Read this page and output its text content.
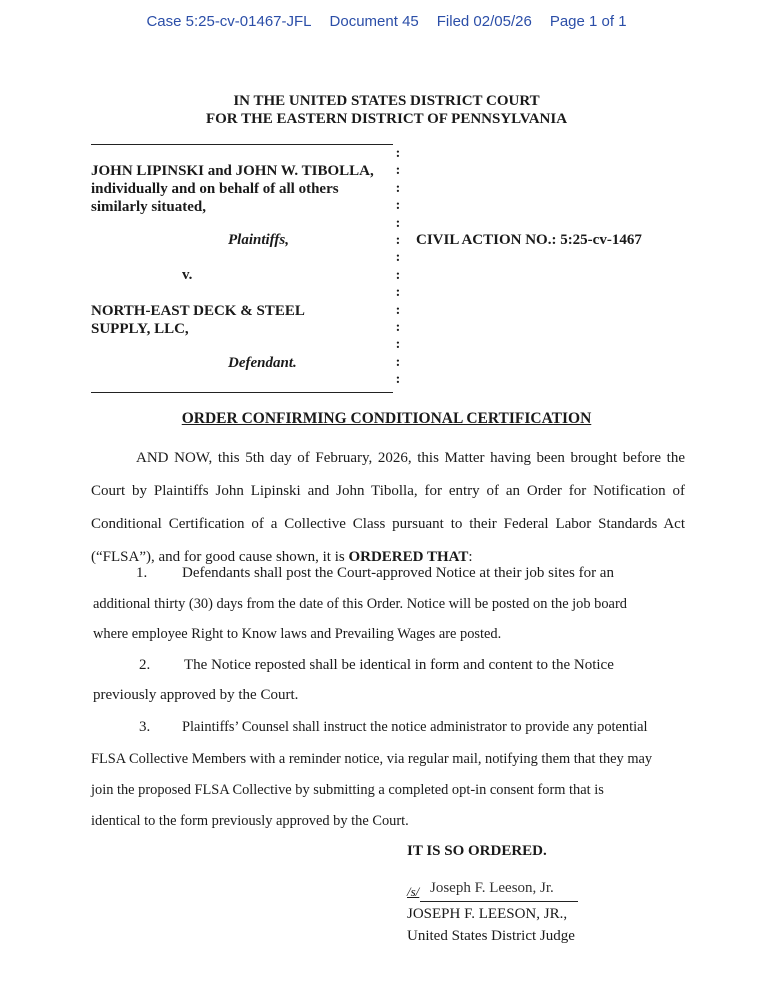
Case 5:25-cv-01467-JFL Document 45 Filed 02/05/26 Page 1 of 1
IN THE UNITED STATES DISTRICT COURT
FOR THE EASTERN DISTRICT OF PENNSYLVANIA
:
:
:
:
:
:
:
:
:
:
:
:
:
:
JOHN LIPINSKI and JOHN W. TIBOLLA,
individually and on behalf of all others
similarly situated,
Plaintiffs,
v.
NORTH-EAST DECK & STEEL
SUPPLY, LLC,
Defendant.
CIVIL ACTION NO.: 5:25-cv-1467
ORDER CONFIRMING CONDITIONAL CERTIFICATION
AND NOW, this 5th day of February, 2026, this Matter having been brought before the
Court by Plaintiffs John Lipinski and John Tibolla, for entry of an Order for Notification of
Conditional Certification of a Collective Class pursuant to their Federal Labor Standards Act
(“FLSA”), and for good cause shown, it is ORDERED THAT:
1.	Defendants shall post the Court-approved Notice at their job sites for an
additional thirty (30) days from the date of this Order. Notice will be posted on the job board
where employee Right to Know laws and Prevailing Wages are posted.
2.	The Notice reposted shall be identical in form and content to the Notice
previously approved by the Court.
3.	Plaintiffs’ Counsel shall instruct the notice administrator to provide any potential
FLSA Collective Members with a reminder notice, via regular mail, notifying them that they may
join the proposed FLSA Collective by submitting a completed opt-in consent form that is
identical to the form previously approved by the Court.
IT IS SO ORDERED.
/s/ Joseph F. Leeson, Jr.
JOSEPH F. LEESON, JR.,
United States District Judge
